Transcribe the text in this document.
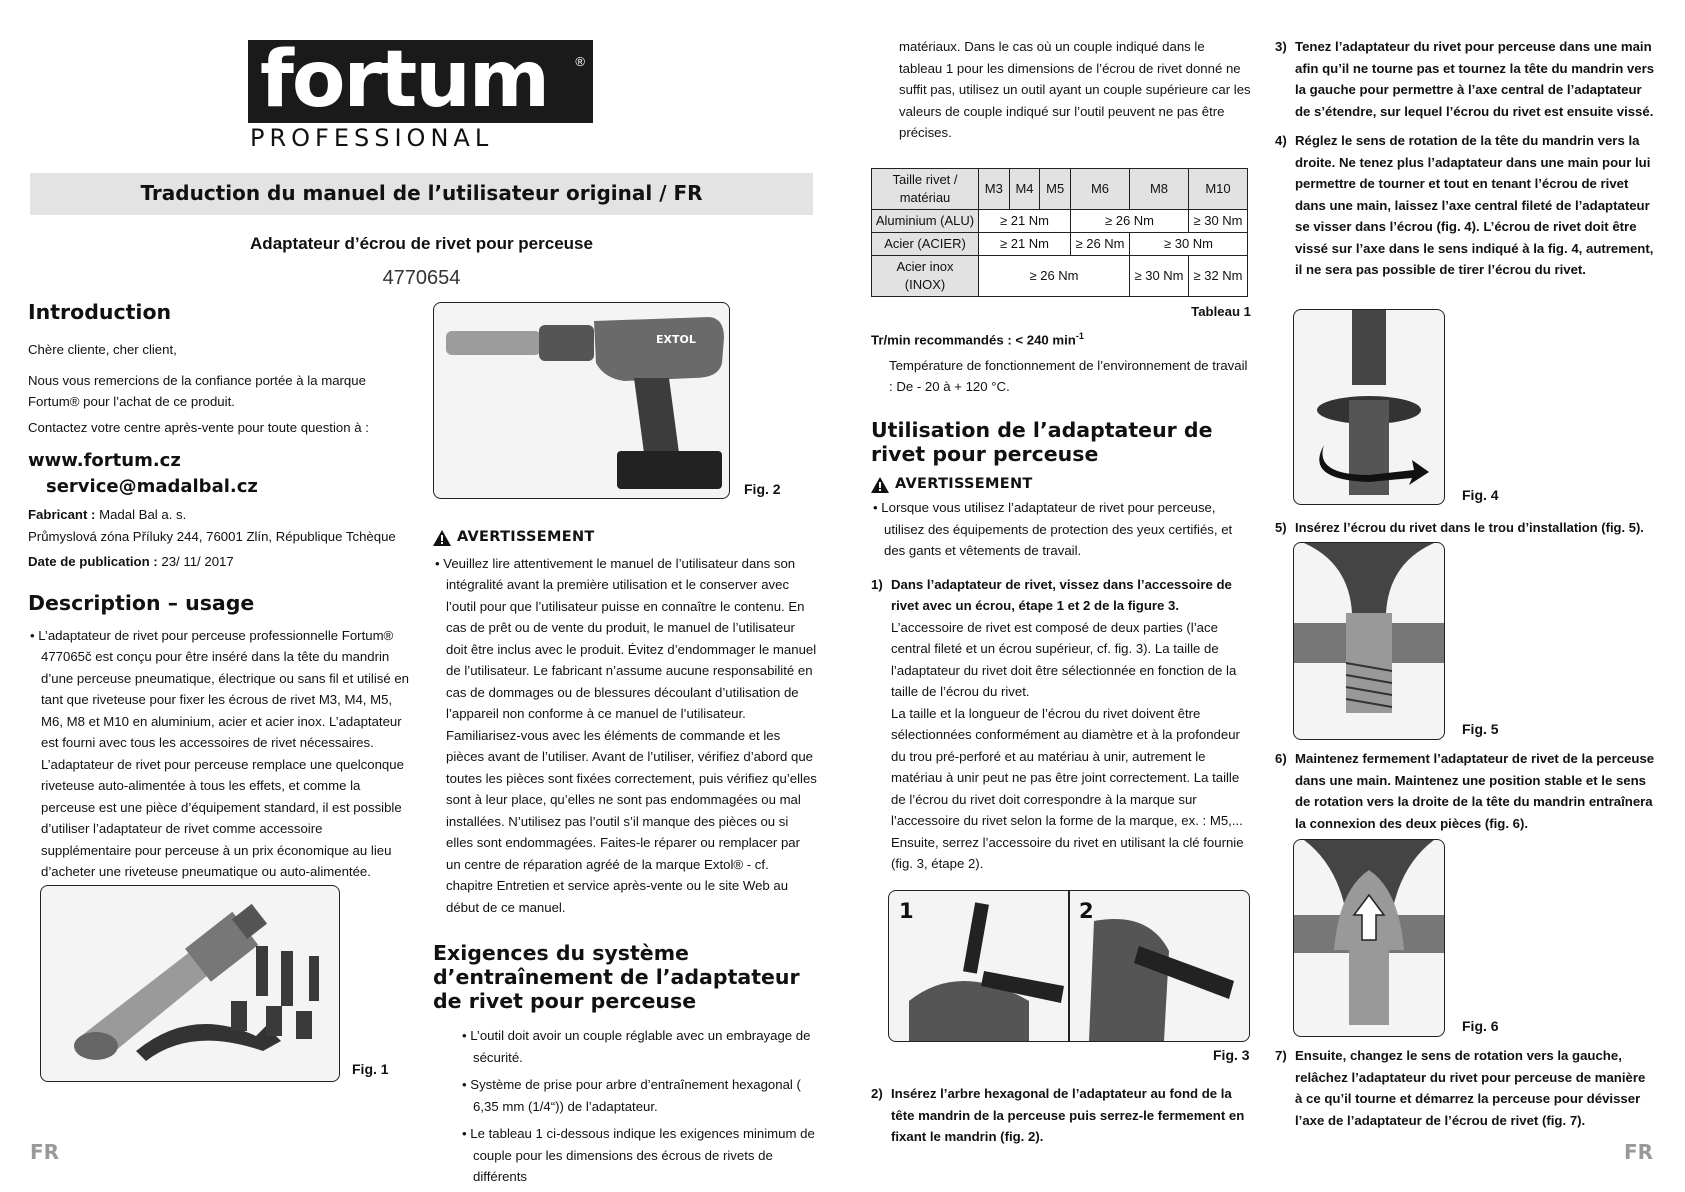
fortum ®
PROFESSIONAL
Traduction du manuel de l’utilisateur original / FR
Adaptateur d’écrou de rivet pour perceuse
4770654
Introduction

Chère cliente, cher client,

Nous vous remercions de la confiance portée à la marque Fortum® pour l’achat de ce produit.

Contactez votre centre après-vente pour toute question à :

www.fortum.cz service@madalbal.cz

Fabricant : Madal Bal a. s.

Průmyslová zóna Příluky 244, 76001 Zlín, République Tchèque

Date de publication : 23/ 11/ 2017

Description – usage

• L’adaptateur de rivet pour perceuse professionnelle Fortum® 477065č est conçu pour être inséré dans la tête du mandrin d’une perceuse pneumatique, électrique ou sans fil et utilisé en tant que riveteuse pour fixer les écrous de rivet M3, M4, M5, M6, M8 et M10 en aluminium, acier et acier inox. L’adaptateur est fourni avec tous les accessoires de rivet nécessaires. L’adaptateur de rivet pour perceuse remplace une quelconque riveteuse auto-alimentée à tous les effets, et comme la perceuse est une pièce d’équipement standard, il est possible d’utiliser l’adaptateur de rivet comme accessoire supplémentaire pour perceuse à un prix économique au lieu d’acheter une riveteuse pneumatique ou auto-alimentée.

Fig. 1
EXTOL
Fig. 2
AVERTISSEMENT

• Veuillez lire attentivement le manuel de l’utilisateur dans son intégralité avant la première utilisation et le conserver avec l’outil pour que l’utilisateur puisse en connaître le contenu. En cas de prêt ou de vente du produit, le manuel de l’utilisateur doit être inclus avec le produit. Évitez d’endommager le manuel de l’utilisateur. Le fabricant n’assume aucune responsabilité en cas de dommages ou de blessures découlant d’utilisation de l’appareil non conforme à ce manuel de l’utilisateur. Familiarisez-vous avec les éléments de commande et les pièces avant de l’utiliser. Avant de l’utiliser, vérifiez d’abord que toutes les pièces sont fixées correctement, puis vérifiez qu’elles sont à leur place, qu’elles ne sont pas endommagées ou mal installées. N’utilisez pas l’outil s’il manque des pièces ou si elles sont endommagées. Faites-le réparer ou remplacer par un centre de réparation agréé de la marque Extol® - cf. chapitre Entretien et service après-vente ou le site Web au début de ce manuel.

Exigences du système d’entraînement de l’adaptateur de rivet pour perceuse

• L’outil doit avoir un couple réglable avec un embrayage de sécurité.

• Système de prise pour arbre d’entraînement hexagonal ( 6,35 mm (1/4“)) de l’adaptateur.

• Le tableau 1 ci-dessous indique les exigences minimum de couple pour les dimensions des écrous de rivets de différents

matériaux. Dans le cas où un couple indiqué dans le tableau 1 pour les dimensions de l’écrou de rivet donné ne suffit pas, utilisez un outil ayant un couple supérieure car les valeurs de couple indiqué sur l’outil peuvent ne pas être précises.

Taille rivet / matériau	M3	M4	M5	M6	M8	M10
Aluminium (ALU)	≥ 21 Nm			≥ 26 Nm		≥ 30 Nm
Acier (ACIER)	≥ 21 Nm			≥ 26 Nm	≥ 30 Nm	
Acier inox (INOX)	≥ 26 Nm				≥ 30 Nm	≥ 32 Nm
Tableau 1

Tr/min recommandés : < 240 $\min^{-1}$

Température de fonctionnement de l’environnement de travail : De - 20 à + 120 °C.

Utilisation de l’adaptateur de rivet pour perceuse
AVERTISSEMENT

• Lorsque vous utilisez l’adaptateur de rivet pour perceuse, utilisez des équipements de protection des yeux certifiés, et des gants et vêtements de travail.

1) Dans l’adaptateur de rivet, vissez dans l’accessoire de rivet avec un écrou, étape 1 et 2 de la figure 3. L’accessoire de rivet est composé de deux parties (l’ace central fileté et un écrou supérieur, cf. fig. 3). La taille de l’adaptateur du rivet doit être sélectionnée en fonction de la taille de l’écrou du rivet.

La taille et la longueur de l’écrou du rivet doivent être sélectionnées conformément au diamètre et à la profondeur du trou pré-perforé et au matériau à unir, autrement le matériau à unir peut ne pas être joint correctement. La taille de l’écrou du rivet doit correspondre à la marque sur l’accessoire du rivet selon la forme de la marque, ex. : M5,...

Ensuite, serrez l’accessoire du rivet en utilisant la clé fournie (fig. 3, étape 2).

1	2
Fig. 3

2) Insérez l’arbre hexagonal de l’adaptateur au fond de la tête mandrin de la perceuse puis serrez-le fermement en fixant le mandrin (fig. 2).

3) Tenez l’adaptateur du rivet pour perceuse dans une main afin qu’il ne tourne pas et tournez la tête du mandrin vers la gauche pour permettre à l’axe central de l’adaptateur de s’étendre, sur lequel l’écrou du rivet est ensuite vissé.

4) Réglez le sens de rotation de la tête du mandrin vers la droite. Ne tenez plus l’adaptateur dans une main pour lui permettre de tourner et tout en tenant l’écrou de rivet dans une main, laissez l’axe central fileté de l’adaptateur se visser dans l’écrou (fig. 4). L’écrou de rivet doit être vissé sur l’axe dans le sens indiqué à la fig. 4, autrement, il ne sera pas possible de tirer l’écrou du rivet.

Fig. 4

5) Insérez l’écrou du rivet dans le trou d’installation (fig. 5).

Fig. 5

6) Maintenez fermement l’adaptateur de rivet de la perceuse dans une main. Maintenez une position stable et le sens de rotation vers la droite de la tête du mandrin entraînera la connexion des deux pièces (fig. 6).

Fig. 6

7) Ensuite, changez le sens de rotation vers la gauche, relâchez l’adaptateur du rivet pour perceuse de manière à ce qu’il tourne et démarrez la perceuse pour dévisser l’axe de l’adaptateur de l’écrou de rivet (fig. 7).

FR	FR
